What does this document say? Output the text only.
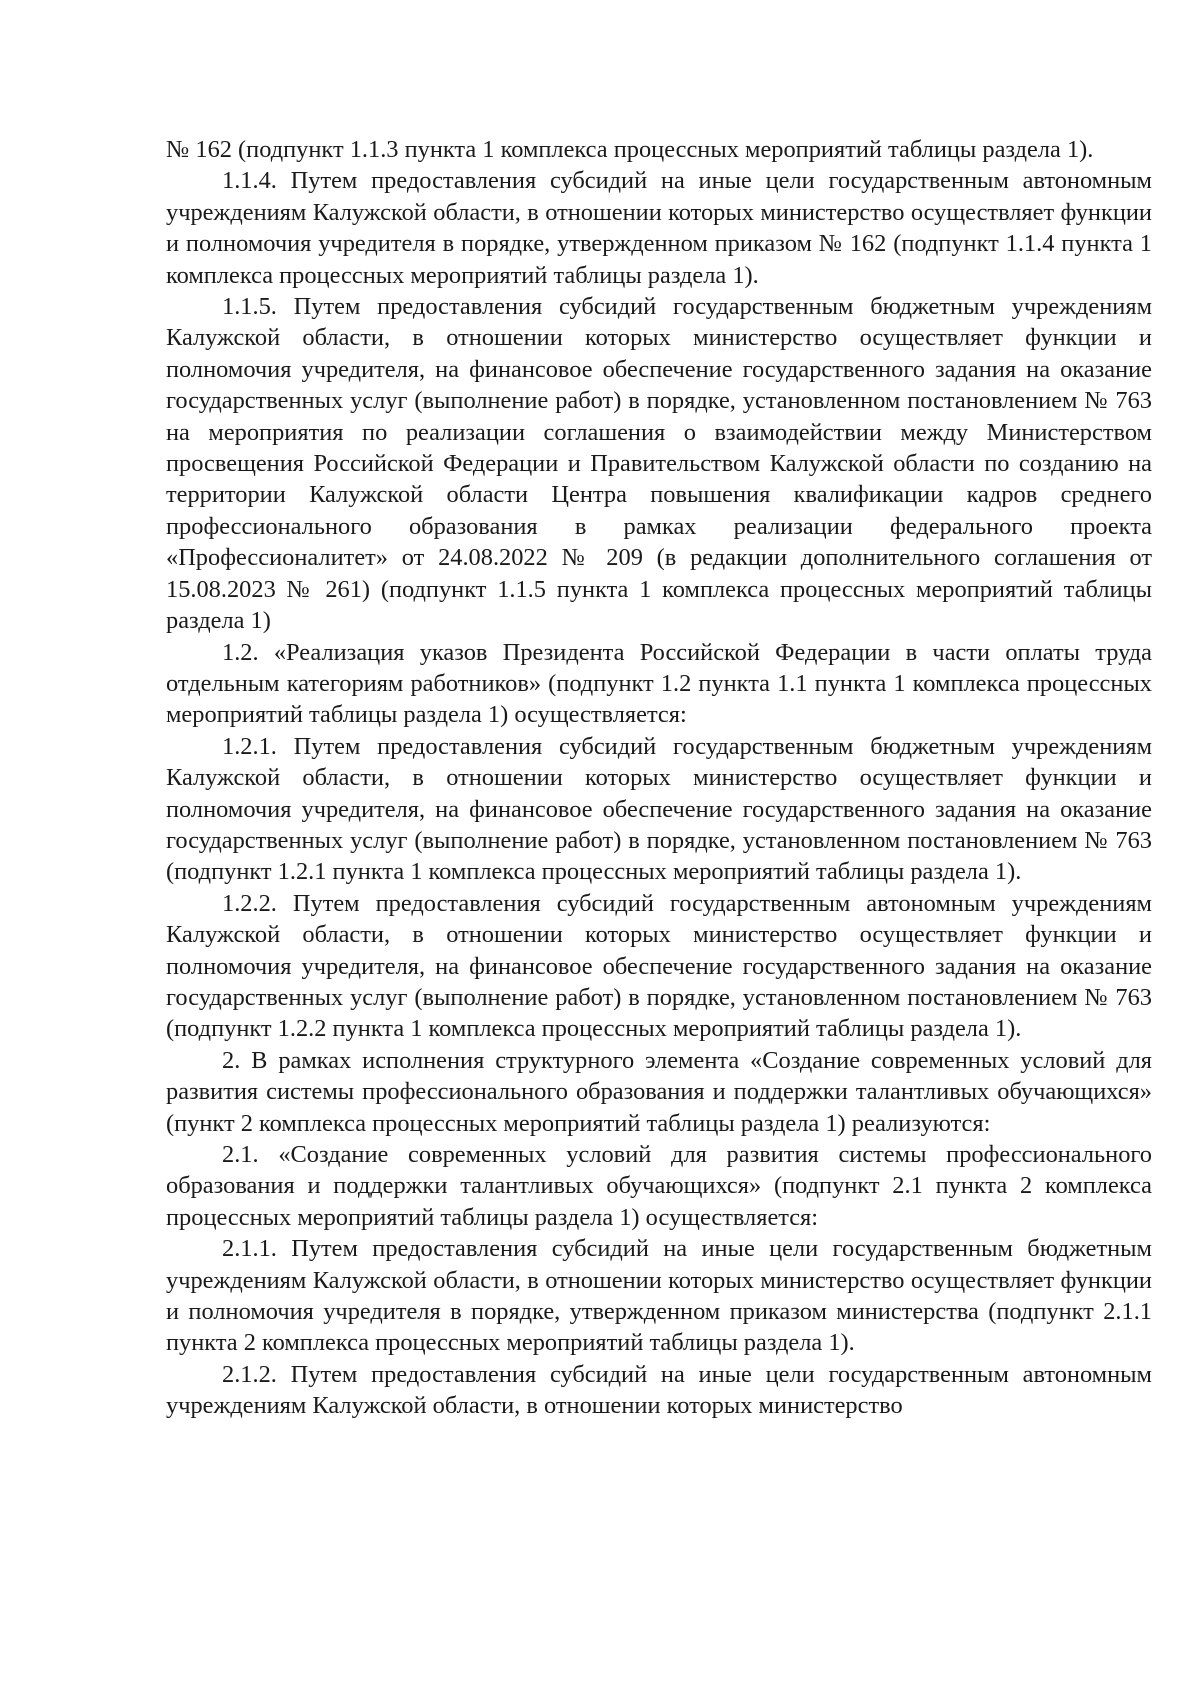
№ 162 (подпункт 1.1.3 пункта 1 комплекса процессных мероприятий таблицы раздела 1).

1.1.4. Путем предоставления субсидий на иные цели государственным автономным учреждениям Калужской области, в отношении которых министерство осуществляет функции и полномочия учредителя в порядке, утвержденном приказом № 162 (подпункт 1.1.4 пункта 1 комплекса процессных мероприятий таблицы раздела 1).

1.1.5. Путем предоставления субсидий государственным бюджетным учреждениям Калужской области, в отношении которых министерство осуществляет функции и полномочия учредителя, на финансовое обеспечение государственного задания на оказание государственных услуг (выполнение работ) в порядке, установленном постановлением № 763 на мероприятия по реализации соглашения о взаимодействии между Министерством просвещения Российской Федерации и Правительством Калужской области по созданию на территории Калужской области Центра повышения квалификации кадров среднего профессионального образования в рамках реализации федерального проекта «Профессионалитет» от 24.08.2022 № 209 (в редакции дополнительного соглашения от 15.08.2023 № 261) (подпункт 1.1.5 пункта 1 комплекса процессных мероприятий таблицы раздела 1)

1.2. «Реализация указов Президента Российской Федерации в части оплаты труда отдельным категориям работников» (подпункт 1.2 пункта 1.1 пункта 1 комплекса процессных мероприятий таблицы раздела 1) осуществляется:

1.2.1. Путем предоставления субсидий государственным бюджетным учреждениям Калужской области, в отношении которых министерство осуществляет функции и полномочия учредителя, на финансовое обеспечение государственного задания на оказание государственных услуг (выполнение работ) в порядке, установленном постановлением № 763 (подпункт 1.2.1 пункта 1 комплекса процессных мероприятий таблицы раздела 1).

1.2.2. Путем предоставления субсидий государственным автономным учреждениям Калужской области, в отношении которых министерство осуществляет функции и полномочия учредителя, на финансовое обеспечение государственного задания на оказание государственных услуг (выполнение работ) в порядке, установленном постановлением № 763 (подпункт 1.2.2 пункта 1 комплекса процессных мероприятий таблицы раздела 1).

2. В рамках исполнения структурного элемента «Создание современных условий для развития системы профессионального образования и поддержки талантливых обучающихся» (пункт 2 комплекса процессных мероприятий таблицы раздела 1) реализуются:

2.1. «Создание современных условий для развития системы профессионального образования и поддержки талантливых обучающихся» (подпункт 2.1 пункта 2 комплекса процессных мероприятий таблицы раздела 1) осуществляется:

2.1.1. Путем предоставления субсидий на иные цели государственным бюджетным учреждениям Калужской области, в отношении которых министерство осуществляет функции и полномочия учредителя в порядке, утвержденном приказом министерства (подпункт 2.1.1 пункта 2 комплекса процессных мероприятий таблицы раздела 1).

2.1.2. Путем предоставления субсидий на иные цели государственным автономным учреждениям Калужской области, в отношении которых министерство
